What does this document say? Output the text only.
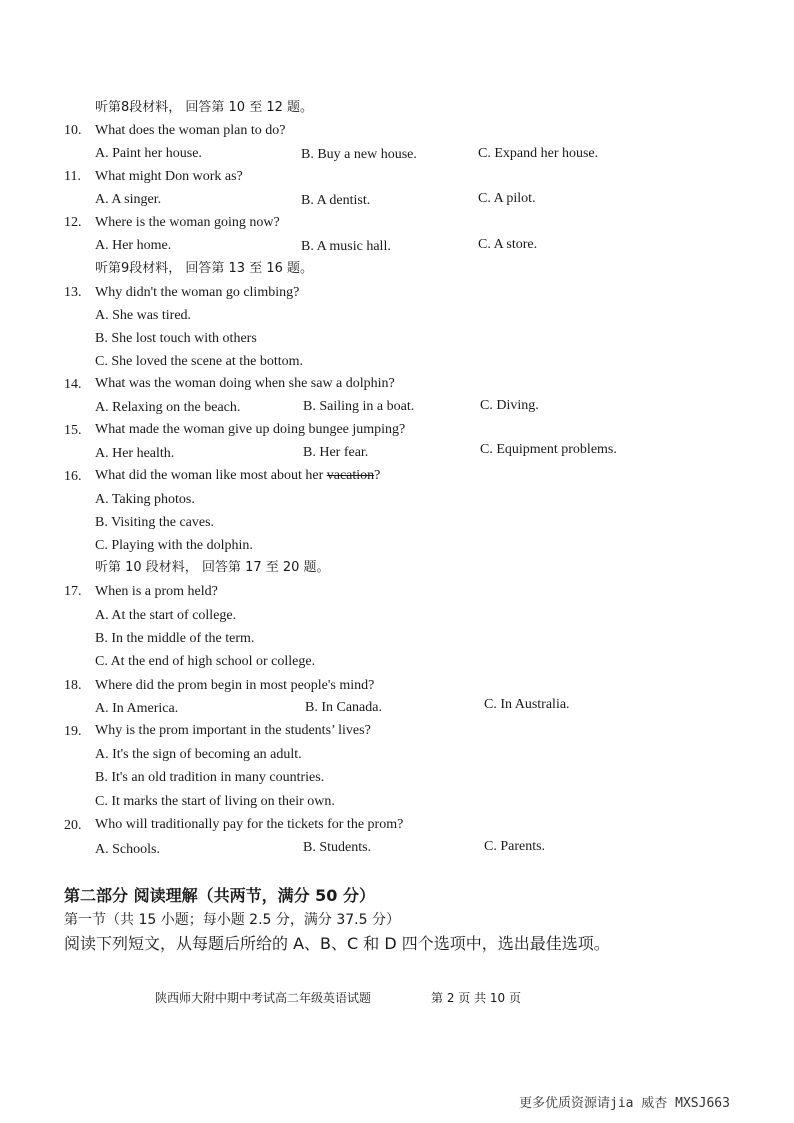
听第8段材料， 回答第 10 至 12 题。
10. What does the woman plan to do?
A. Paint her house.	B. Buy a new house.	C. Expand her house.
11. What might Don work as?
A. A singer.	B. A dentist.	C. A pilot.
12. Where is the woman going now?
A. Her home.	B. A music hall.	C. A store.
听第9段材料， 回答第 13 至 16 题。
13. Why didn't the woman go climbing?
A. She was tired.
B. She lost touch with others
C. She loved the scene at the bottom.
14. What was the woman doing when she saw a dolphin?
A. Relaxing on the beach.	B. Sailing in a boat.	C. Diving.
15. What made the woman give up doing bungee jumping?
A. Her health.	B. Her fear.	C. Equipment problems.
16. What did the woman like most about her vacation?
A. Taking photos.
B. Visiting the caves.
C. Playing with the dolphin.
听第 10 段材料， 回答第 17 至 20 题。
17. When is a prom held?
A. At the start of college.
B. In the middle of the term.
C. At the end of high school or college.
18. Where did the prom begin in most people's mind?
A. In America.	B. In Canada.	C. In Australia.
19. Why is the prom important in the students’ lives?
A. It's the sign of becoming an adult.
B. It's an old tradition in many countries.
C. It marks the start of living on their own.
20. Who will traditionally pay for the tickets for the prom?
A. Schools.	B. Students.	C. Parents.
第二部分 阅读理解（共两节，满分 50 分）
第一节（共 15 小题；每小题 2.5 分，满分 37.5 分）
阅读下列短文，从每题后所给的 A、B、C 和 D 四个选项中，选出最佳选项。
陕西师大附中期中考试高二年级英语试题	第 2 页 共 10 页
更多优质资源请jia 威杏 MXSJ663
